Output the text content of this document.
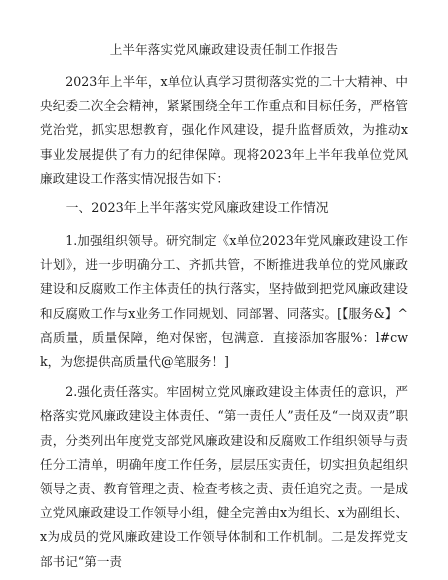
上半年落实党风廉政建设责任制工作报告

2023年上半年，x单位认真学习贯彻落实党的二十大精神、中央纪委二次全会精神，紧紧围绕全年工作重点和目标任务，严格管党治党，抓实思想教育，强化作风建设，提升监督质效，为推动x事业发展提供了有力的纪律保障。现将2023年上半年我单位党风廉政建设工作落实情况报告如下：

一、2023年上半年落实党风廉政建设工作情况

1.加强组织领导。研究制定《x单位2023年党风廉政建设工作计划》，进一步明确分工、齐抓共管，不断推进我单位的党风廉政建设和反腐败工作主体责任的执行落实，坚持做到把党风廉政建设和反腐败工作与x业务工作同规划、同部署、同落实。[【服务&】^高质量，质量保障，绝对保密，包满意．直接添加客服%：l#cwk，为您提供高质量代@笔服务！]

2.强化责任落实。牢固树立党风廉政建设主体责任的意识，严格落实党风廉政建设主体责任、“第一责任人”责任及“一岗双责”职责，分类列出年度党支部党风廉政建设和反腐败工作组织领导与责任分工清单，明确年度工作任务，层层压实责任，切实担负起组织领导之责、教育管理之责、检查考核之责、责任追究之责。一是成立党风廉政建设工作领导小组，健全完善由x为组长、x为副组长、x为成员的党风廉政建设工作领导体制和工作机制。二是发挥党支部书记“第一责
